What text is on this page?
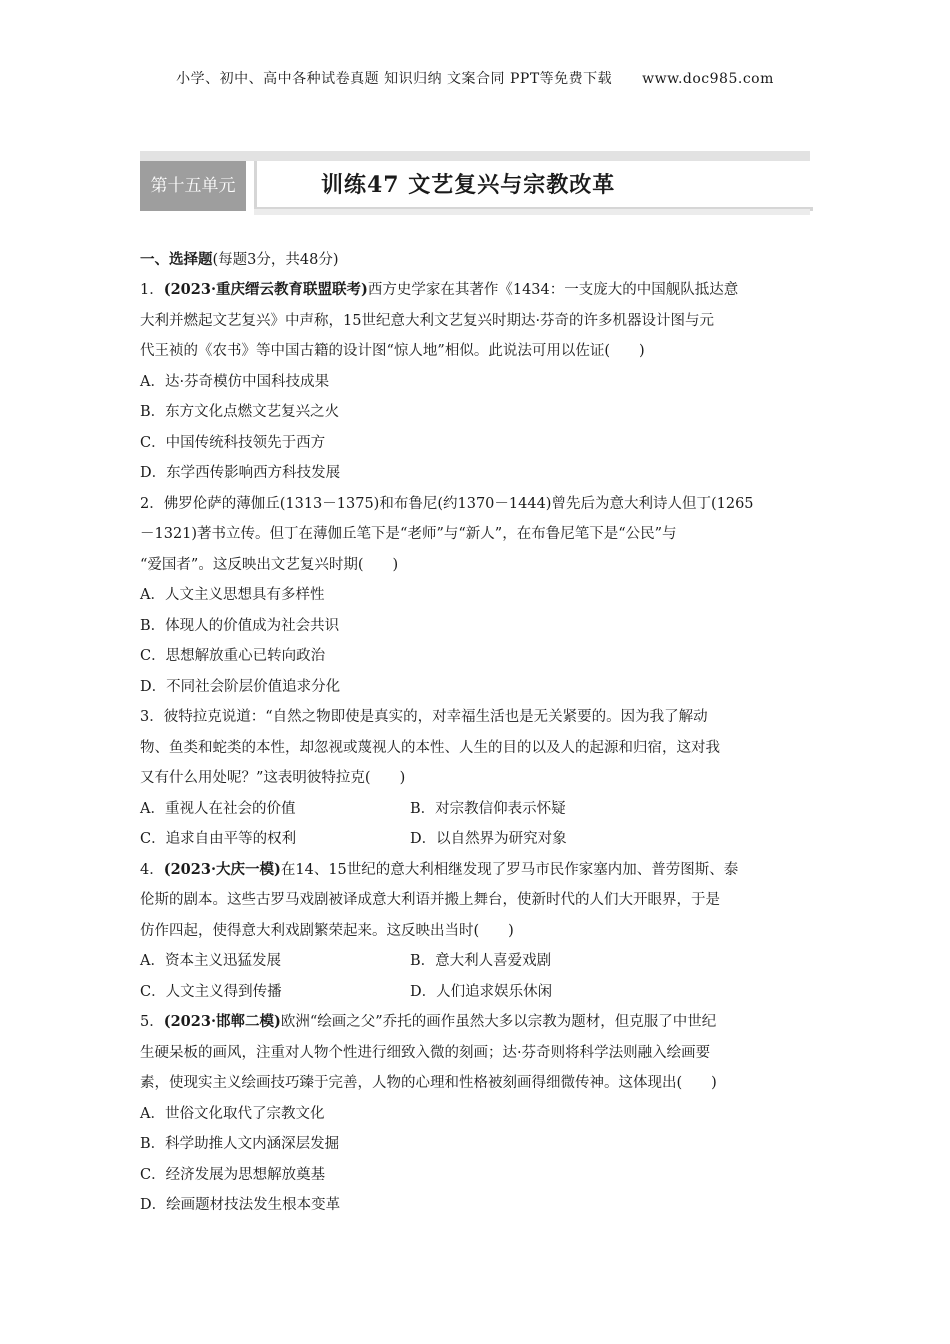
小学、初中、高中各种试卷真题 知识归纳 文案合同 PPT等免费下载 www.doc985.com
第十五单元	训练47 文艺复兴与宗教改革
一、选择题(每题3分，共48分)
1．(2023·重庆缙云教育联盟联考)西方史学家在其著作《1434：一支庞大的中国舰队抵达意
大利并燃起文艺复兴》中声称，15世纪意大利文艺复兴时期达·芬奇的许多机器设计图与元
代王祯的《农书》等中国古籍的设计图“惊人地”相似。此说法可用以佐证(　　)
A．达·芬奇模仿中国科技成果
B．东方文化点燃文艺复兴之火
C．中国传统科技领先于西方
D．东学西传影响西方科技发展
2．佛罗伦萨的薄伽丘(1313－1375)和布鲁尼(约1370－1444)曾先后为意大利诗人但丁(1265
－1321)著书立传。但丁在薄伽丘笔下是“老师”与“新人”，在布鲁尼笔下是“公民”与
“爱国者”。这反映出文艺复兴时期(　　)
A．人文主义思想具有多样性
B．体现人的价值成为社会共识
C．思想解放重心已转向政治
D．不同社会阶层价值追求分化
3．彼特拉克说道：“自然之物即使是真实的，对幸福生活也是无关紧要的。因为我了解动
物、鱼类和蛇类的本性，却忽视或蔑视人的本性、人生的目的以及人的起源和归宿，这对我
又有什么用处呢？”这表明彼特拉克(　　)
A．重视人在社会的价值	B．对宗教信仰表示怀疑
C．追求自由平等的权利	D．以自然界为研究对象
4．(2023·大庆一模)在14、15世纪的意大利相继发现了罗马市民作家塞内加、普劳图斯、泰
伦斯的剧本。这些古罗马戏剧被译成意大利语并搬上舞台，使新时代的人们大开眼界，于是
仿作四起，使得意大利戏剧繁荣起来。这反映出当时(　　)
A．资本主义迅猛发展	B．意大利人喜爱戏剧
C．人文主义得到传播	D．人们追求娱乐休闲
5．(2023·邯郸二模)欧洲“绘画之父”乔托的画作虽然大多以宗教为题材，但克服了中世纪
生硬呆板的画风，注重对人物个性进行细致入微的刻画；达·芬奇则将科学法则融入绘画要
素，使现实主义绘画技巧臻于完善，人物的心理和性格被刻画得细微传神。这体现出(　　)
A．世俗文化取代了宗教文化
B．科学助推人文内涵深层发掘
C．经济发展为思想解放奠基
D．绘画题材技法发生根本变革
